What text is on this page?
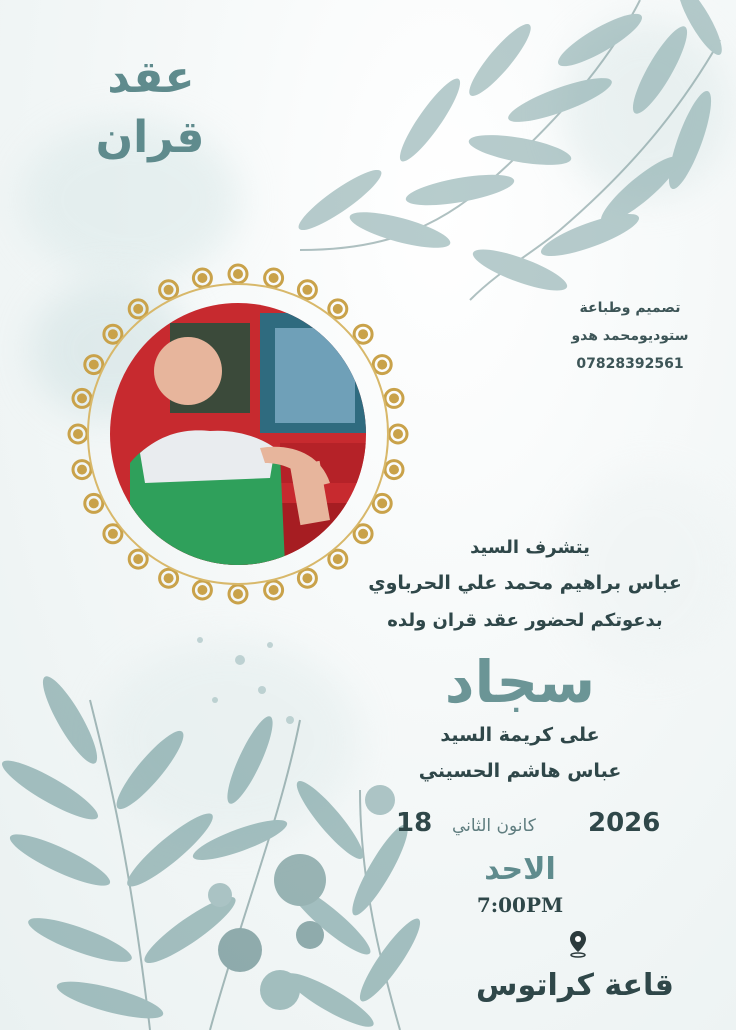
عقد
قران
تصميم وطباعة
ستوديومحمد هدو
07828392561
يتشرف السيد
عباس براهيم محمد علي الحرباوي
بدعوتكم لحضور عقد قران ولده
سجاد
على كريمة السيد
عباس هاشم الحسيني
2026
كانون الثاني
18
الاحد
7:00PM
قاعة كراتوس
